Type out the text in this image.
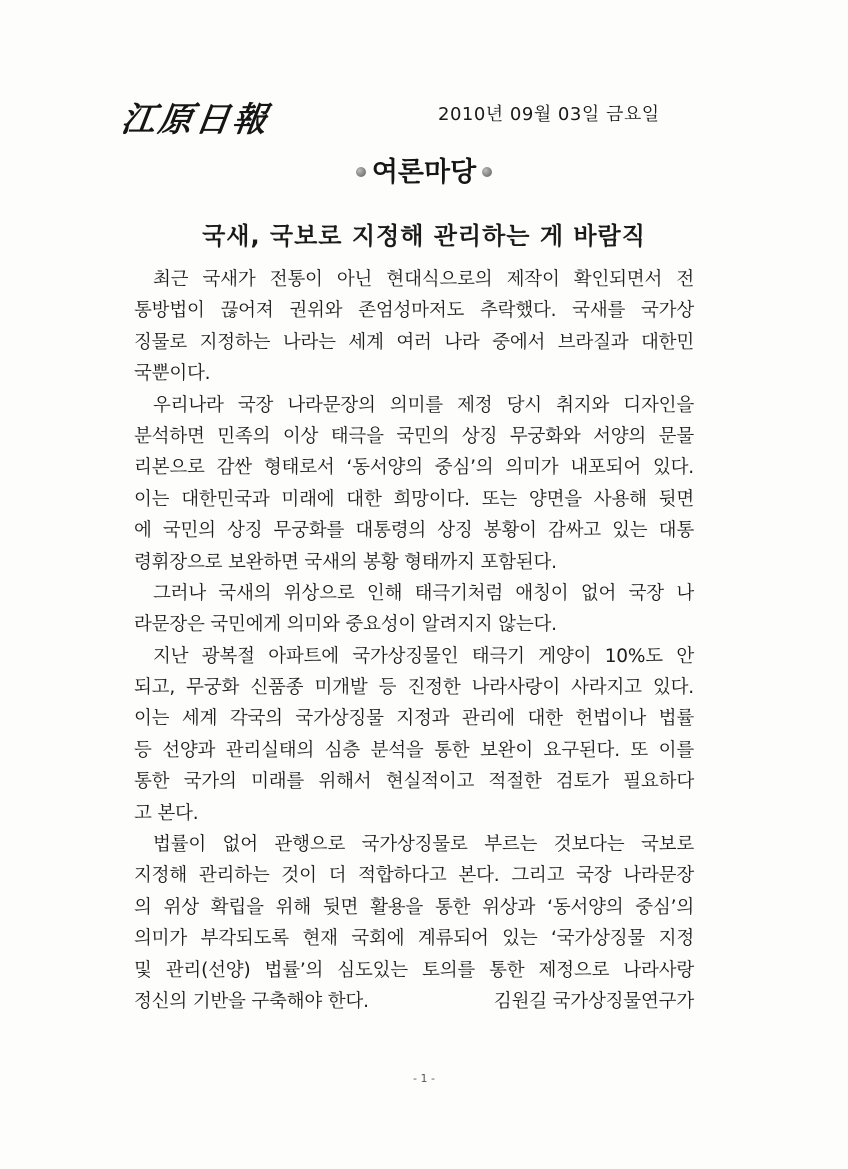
江原日報	2010년 09월 03일 금요일
여론마당
국새, 국보로 지정해 관리하는 게 바람직
최근 국새가 전통이 아닌 현대식으로의 제작이 확인되면서 전
통방법이 끊어져 권위와 존엄성마저도 추락했다. 국새를 국가상
징물로 지정하는 나라는 세계 여러 나라 중에서 브라질과 대한민
국뿐이다.
우리나라 국장 나라문장의 의미를 제정 당시 취지와 디자인을
분석하면 민족의 이상 태극을 국민의 상징 무궁화와 서양의 문물
리본으로 감싼 형태로서 ‘동서양의 중심’의 의미가 내포되어 있다.
이는 대한민국과 미래에 대한 희망이다. 또는 양면을 사용해 뒷면
에 국민의 상징 무궁화를 대통령의 상징 봉황이 감싸고 있는 대통
령휘장으로 보완하면 국새의 봉황 형태까지 포함된다.
그러나 국새의 위상으로 인해 태극기처럼 애칭이 없어 국장 나
라문장은 국민에게 의미와 중요성이 알려지지 않는다.
지난 광복절 아파트에 국가상징물인 태극기 게양이 10%도 안
되고, 무궁화 신품종 미개발 등 진정한 나라사랑이 사라지고 있다.
이는 세계 각국의 국가상징물 지정과 관리에 대한 헌법이나 법률
등 선양과 관리실태의 심층 분석을 통한 보완이 요구된다. 또 이를
통한 국가의 미래를 위해서 현실적이고 적절한 검토가 필요하다
고 본다.
법률이 없어 관행으로 국가상징물로 부르는 것보다는 국보로
지정해 관리하는 것이 더 적합하다고 본다. 그리고 국장 나라문장
의 위상 확립을 위해 뒷면 활용을 통한 위상과 ‘동서양의 중심’의
의미가 부각되도록 현재 국회에 계류되어 있는 ‘국가상징물 지정
및 관리(선양) 법률’의 심도있는 토의를 통한 제정으로 나라사랑
정신의 기반을 구축해야 한다.	김원길 국가상징물연구가
- 1 -
